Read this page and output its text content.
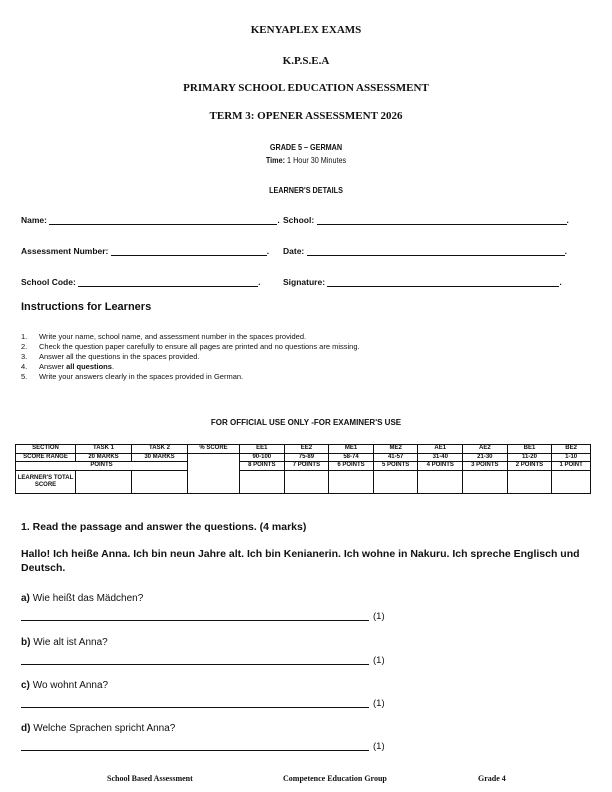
KENYAPLEX EXAMS
K.P.S.E.A
PRIMARY SCHOOL EDUCATION ASSESSMENT
TERM 3: OPENER ASSESSMENT 2026
GRADE 5 – GERMAN
Time: 1 Hour 30 Minutes
LEARNER'S DETAILS
Name:	. School:	.
Assessment Number:	. Date:	.
School Code:	.	Signature:	.
Instructions for Learners
1. Write your name, school name, and assessment number in the spaces provided.
2. Check the question paper carefully to ensure all pages are printed and no questions are missing.
3. Answer all the questions in the spaces provided.
4. Answer all questions.
5. Write your answers clearly in the spaces provided in German.
FOR OFFICIAL USE ONLY -FOR EXAMINER'S USE
SECTION	TASK 1	TASK 2	% SCORE	EE1	EE2	ME1	ME2	AE1	AE2	BE1	BE2
SCORE RANGE	20 MARKS	30 MARKS		90-100	75-89	58-74	41-57	31-40	21-30	11-20	1-10
POINTS				8 POINTS	7 POINTS	6 POINTS	5 POINTS	4 POINTS	3 POINTS	2 POINTS	1 POINT
LEARNER'S TOTAL SCORE											
1. Read the passage and answer the questions. (4 marks)
Hallo! Ich heiße Anna. Ich bin neun Jahre alt. Ich bin Kenianerin. Ich wohne in Nakuru. Ich spreche Englisch und Deutsch.
a) Wie heißt das Mädchen?
(1)
b) Wie alt ist Anna?
(1)
c) Wo wohnt Anna?
(1)
d) Welche Sprachen spricht Anna?
(1)
School Based Assessment	Competence Education Group	Grade 4
